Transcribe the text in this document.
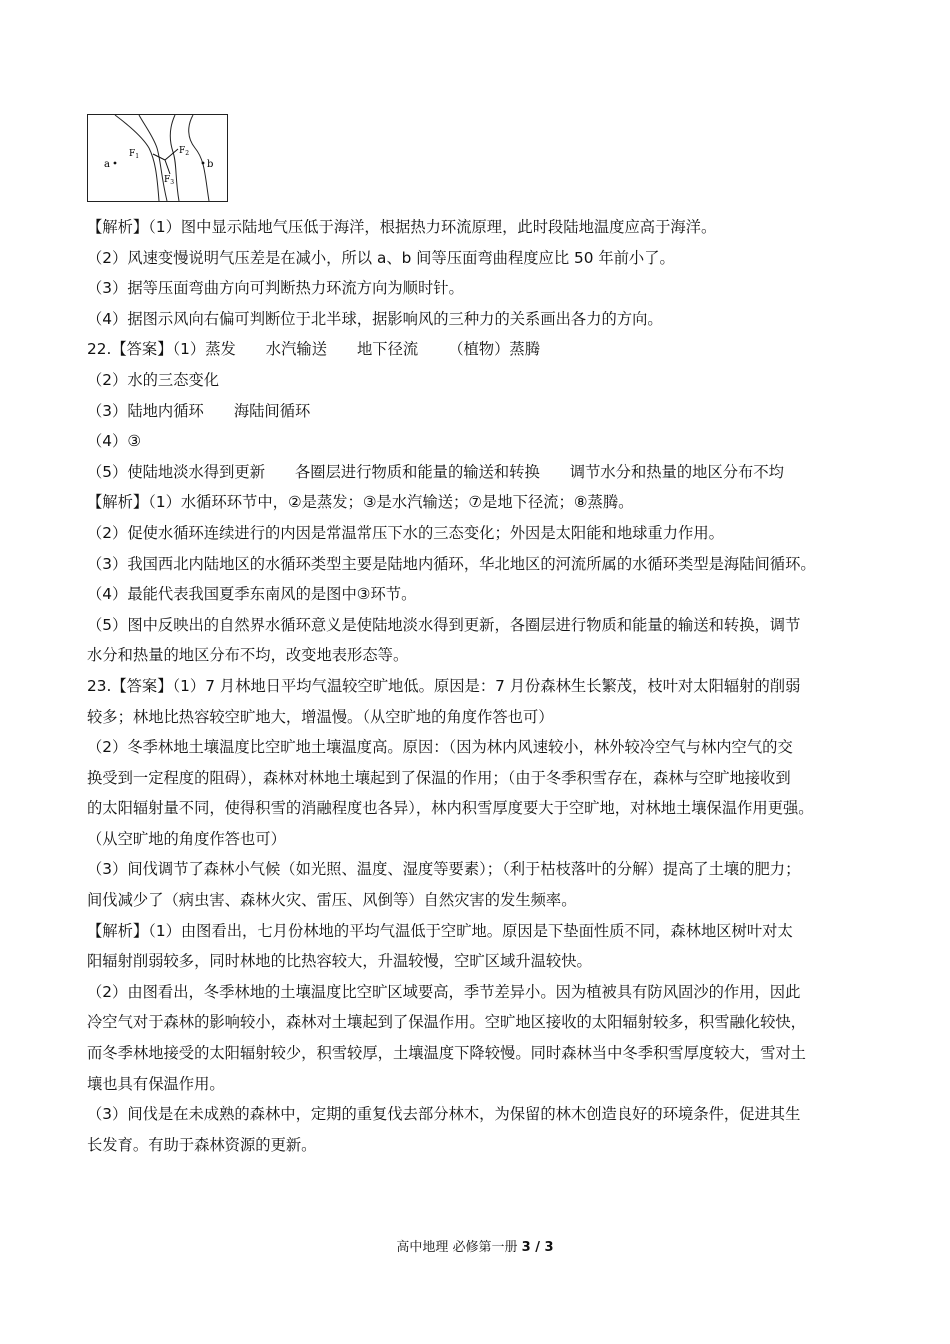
a	b
$F_1$
$F_2$
$F_3$
【解析】（1）图中显示陆地气压低于海洋，根据热力环流原理，此时段陆地温度应高于海洋。
（2）风速变慢说明气压差是在减小，所以 a、b 间等压面弯曲程度应比 50 年前小了。
（3）据等压面弯曲方向可判断热力环流方向为顺时针。
（4）据图示风向右偏可判断位于北半球，据影响风的三种力的关系画出各力的方向。
22.【答案】（1）蒸发 水汽输送 地下径流 （植物）蒸腾
（2）水的三态变化
（3）陆地内循环 海陆间循环
（4）③
（5）使陆地淡水得到更新 各圈层进行物质和能量的输送和转换 调节水分和热量的地区分布不均
【解析】（1）水循环环节中，②是蒸发；③是水汽输送；⑦是地下径流；⑧蒸腾。
（2）促使水循环连续进行的内因是常温常压下水的三态变化；外因是太阳能和地球重力作用。
（3）我国西北内陆地区的水循环类型主要是陆地内循环，华北地区的河流所属的水循环类型是海陆间循环。
（4）最能代表我国夏季东南风的是图中③环节。
（5）图中反映出的自然界水循环意义是使陆地淡水得到更新，各圈层进行物质和能量的输送和转换，调节
水分和热量的地区分布不均，改变地表形态等。
23.【答案】（1）7 月林地日平均气温较空旷地低。原因是：7 月份森林生长繁茂，枝叶对太阳辐射的削弱
较多；林地比热容较空旷地大，增温慢。（从空旷地的角度作答也可）
（2）冬季林地土壤温度比空旷地土壤温度高。原因：（因为林内风速较小，林外较冷空气与林内空气的交
换受到一定程度的阻碍），森林对林地土壤起到了保温的作用；（由于冬季积雪存在，森林与空旷地接收到
的太阳辐射量不同，使得积雪的消融程度也各异），林内积雪厚度要大于空旷地，对林地土壤保温作用更强。
（从空旷地的角度作答也可）
（3）间伐调节了森林小气候（如光照、温度、湿度等要素）；（利于枯枝落叶的分解）提高了土壤的肥力；
间伐减少了（病虫害、森林火灾、雷压、风倒等）自然灾害的发生频率。
【解析】（1）由图看出，七月份林地的平均气温低于空旷地。原因是下垫面性质不同，森林地区树叶对太
阳辐射削弱较多，同时林地的比热容较大，升温较慢，空旷区域升温较快。
（2）由图看出，冬季林地的土壤温度比空旷区域要高，季节差异小。因为植被具有防风固沙的作用，因此
冷空气对于森林的影响较小，森林对土壤起到了保温作用。空旷地区接收的太阳辐射较多，积雪融化较快，
而冬季林地接受的太阳辐射较少，积雪较厚，土壤温度下降较慢。同时森林当中冬季积雪厚度较大，雪对土
壤也具有保温作用。
（3）间伐是在未成熟的森林中，定期的重复伐去部分林木，为保留的林木创造良好的环境条件，促进其生
长发育。有助于森林资源的更新。
高中地理 必修第一册 3 / 3
